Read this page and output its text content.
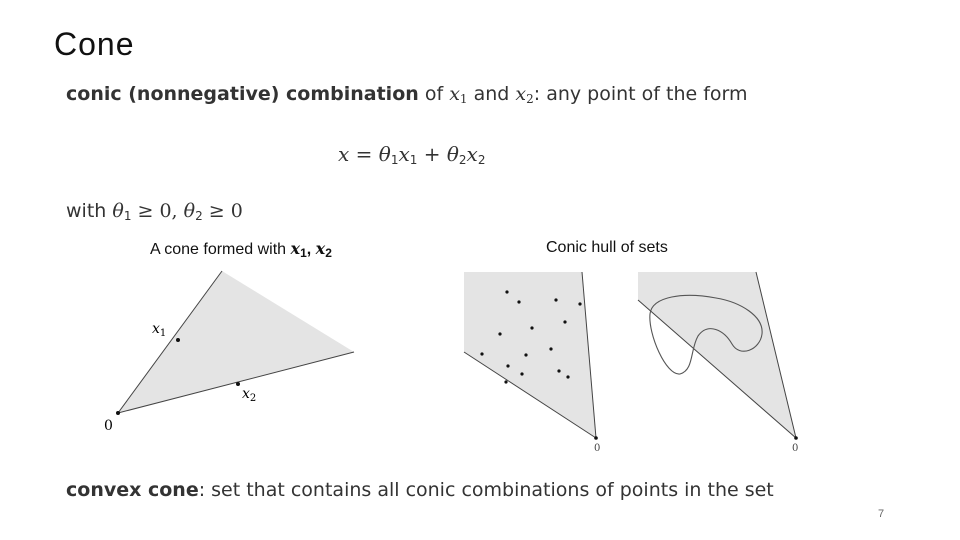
Cone
conic (nonnegative) combination of $x_1$ and $x_2$: any point of the form
$x = \theta_1x_1 + \theta_2x_2$
with $\theta_1 \ge 0$, $\theta_2 \ge 0$
A cone formed with $x_1$, $x_2$	Conic hull of sets
$x_1$
$x_2$
0
0	0
convex cone: set that contains all conic combinations of points in the set
7
